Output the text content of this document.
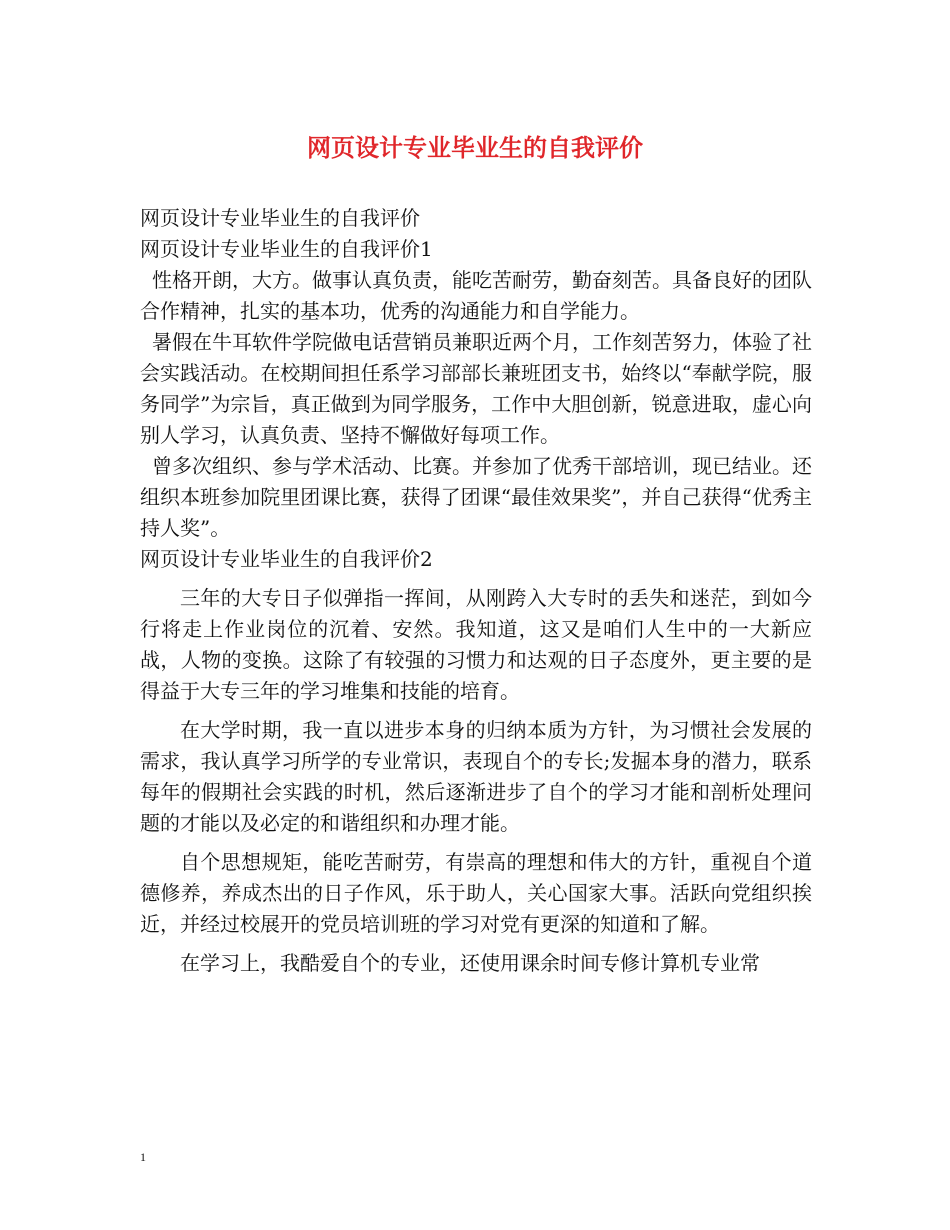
网页设计专业毕业生的自我评价

网页设计专业毕业生的自我评价

网页设计专业毕业生的自我评价1

性格开朗，大方。做事认真负责，能吃苦耐劳，勤奋刻苦。具备良好的团队合作精神，扎实的基本功，优秀的沟通能力和自学能力。

暑假在牛耳软件学院做电话营销员兼职近两个月，工作刻苦努力，体验了社会实践活动。在校期间担任系学习部部长兼班团支书，始终以“奉献学院，服务同学”为宗旨，真正做到为同学服务，工作中大胆创新，锐意进取，虚心向别人学习，认真负责、坚持不懈做好每项工作。

曾多次组织、参与学术活动、比赛。并参加了优秀干部培训，现已结业。还组织本班参加院里团课比赛，获得了团课“最佳效果奖”，并自己获得“优秀主持人奖”。

网页设计专业毕业生的自我评价2

三年的大专日子似弹指一挥间，从刚跨入大专时的丢失和迷茫，到如今行将走上作业岗位的沉着、安然。我知道，这又是咱们人生中的一大新应战，人物的变换。这除了有较强的习惯力和达观的日子态度外，更主要的是得益于大专三年的学习堆集和技能的培育。

在大学时期，我一直以进步本身的归纳本质为方针，为习惯社会发展的需求，我认真学习所学的专业常识，表现自个的专长;发掘本身的潜力，联系每年的假期社会实践的时机，然后逐渐进步了自个的学习才能和剖析处理问题的才能以及必定的和谐组织和办理才能。

自个思想规矩，能吃苦耐劳，有崇高的理想和伟大的方针，重视自个道德修养，养成杰出的日子作风，乐于助人，关心国家大事。活跃向党组织挨近，并经过校展开的党员培训班的学习对党有更深的知道和了解。

在学习上，我酷爱自个的专业，还使用课余时间专修计算机专业常

1
